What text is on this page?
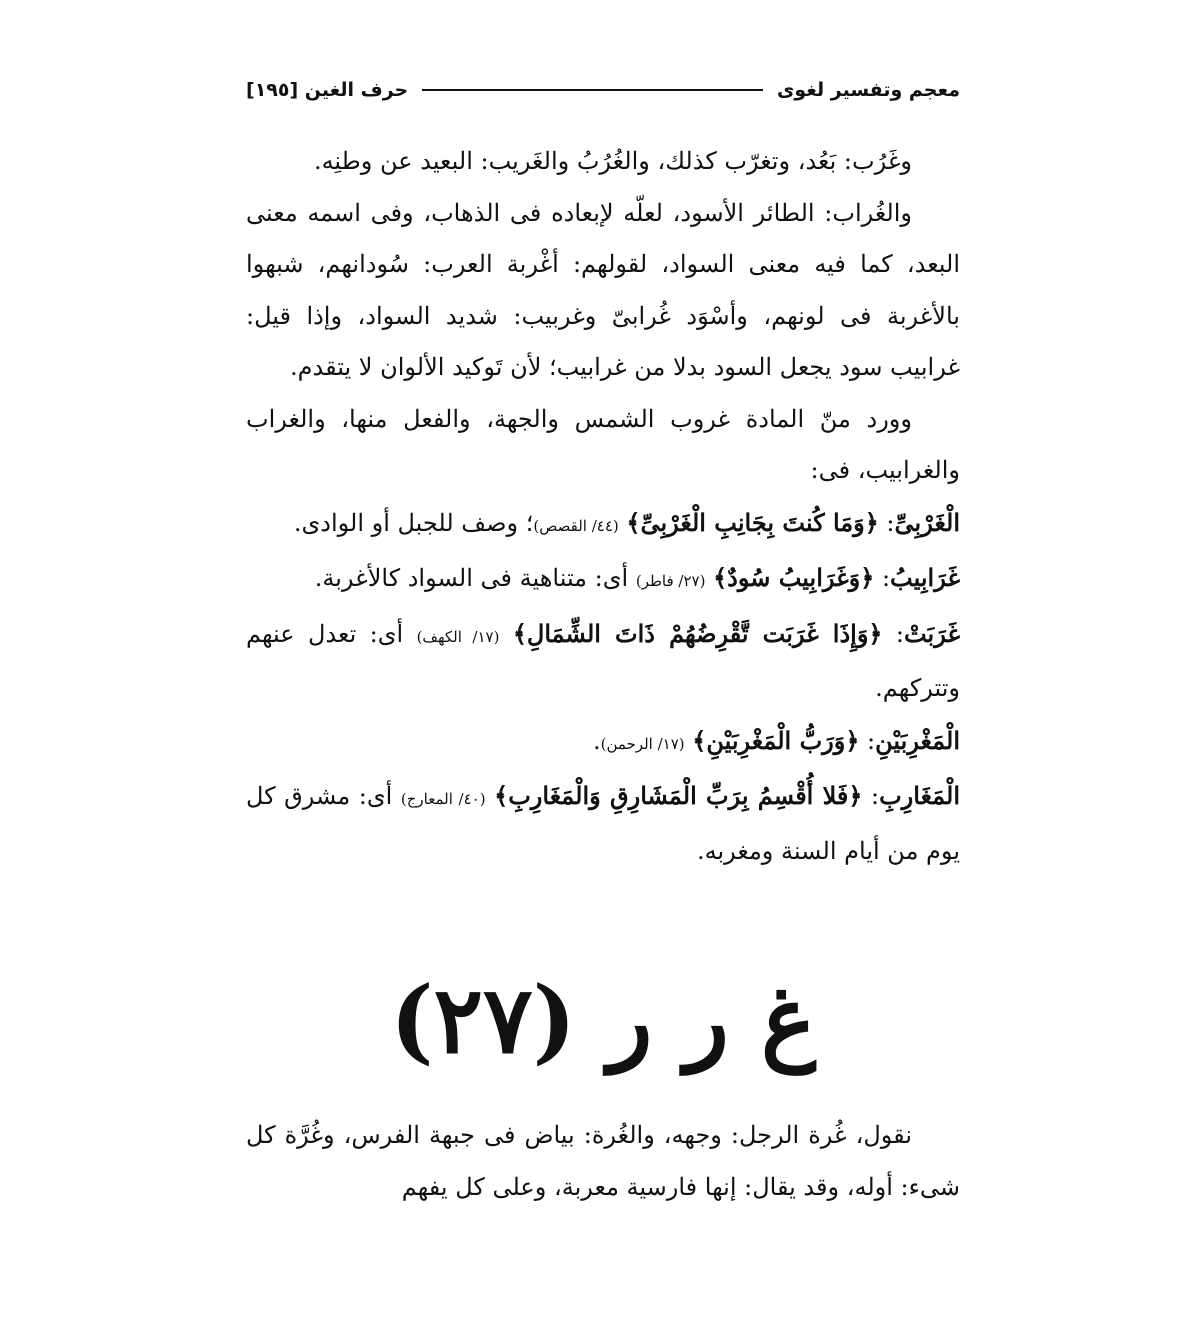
معجم وتفسير لغوى
حرف الغين [١٩٥]

وغَرُب: بَعُد، وتغرّب كذلك، والغُرُبُ والغَريب: البعيد عن وطنِه.

والغُراب: الطائر الأسود، لعلّه لإبعاده فى الذهاب، وفى اسمه معنى البعد، كما فيه معنى السواد، لقولهم: أغْربة العرب: سُودانهم، شبهوا بالأغربة فى لونهم، وأسْوَد غُرابىّ وغربيب: شديد السواد، وإذا قيل: غرابيب سود يجعل السود بدلا من غرابيب؛ لأن تَوكيد الألوان لا يتقدم.

وورد منّ المادة غروب الشمس والجهة، والفعل منها، والغراب والغرابيب، فى:

الْغَرْبِىِّ: ﴿وَمَا كُنتَ بِجَانِبِ الْغَرْبِىِّ﴾ (٤٤/ القصص)؛ وصف للجبل أو الوادى.

غَرَابِيبُ: ﴿وَغَرَابِيبُ سُودٌ﴾ (٢٧/ فاطر) أى: متناهية فى السواد كالأغربة.

غَرَبَتْ: ﴿وَإِذَا غَرَبَت تَّقْرِضُهُمْ ذَاتَ الشِّمَالِ﴾ (١٧/ الكهف) أى: تعدل عنهم وتتركهم.

الْمَغْرِبَيْنِ: ﴿وَرَبُّ الْمَغْرِبَيْنِ﴾ (١٧/ الرحمن).

الْمَغَارِبِ: ﴿فَلا أُقْسِمُ بِرَبِّ الْمَشَارِقِ وَالْمَغَارِبِ﴾ (٤٠/ المعارج) أى: مشرق كل يوم من أيام السنة ومغربه.

غ ر ر (٢٧)

نقول، غُرة الرجل: وجهه، والغُرة: بياض فى جبهة الفرس، وغُرَّة كل شىء: أوله، وقد يقال: إنها فارسية معربة، وعلى كل يفهم
